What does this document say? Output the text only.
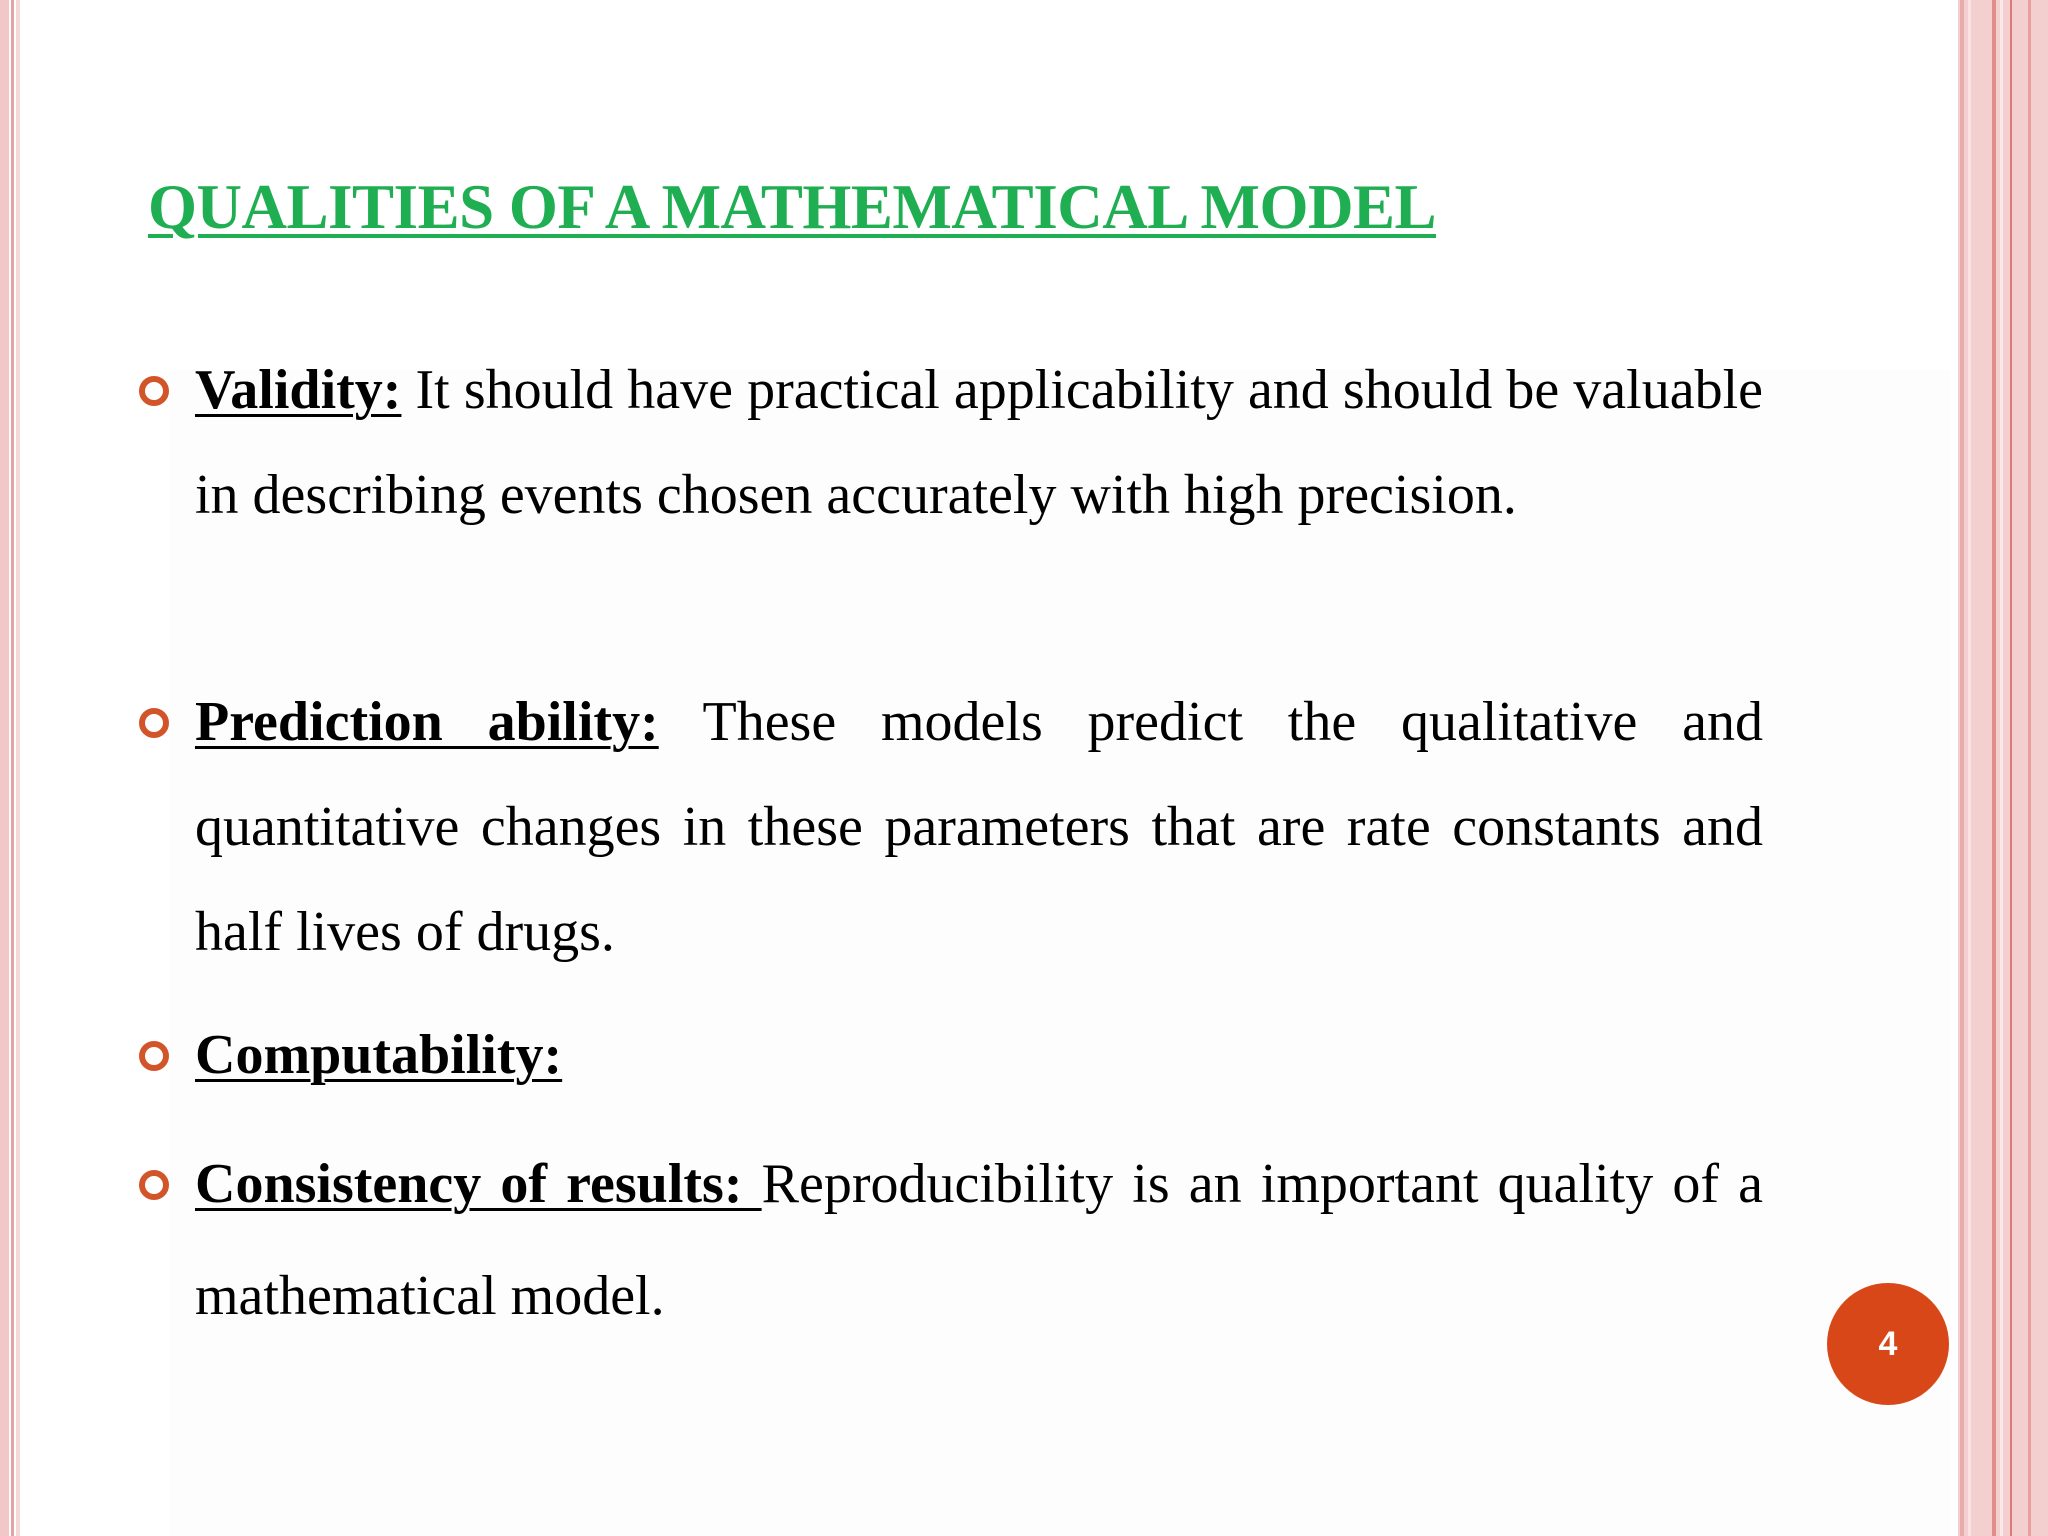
QUALITIES OF A MATHEMATICAL MODEL
Validity: It should have practical applicability and should be valuable in describing events chosen accurately with high precision.
Prediction ability: These models predict the qualitative and quantitative changes in these parameters that are rate constants and half lives of drugs.
Computability:
Consistency of results: Reproducibility is an important quality of a mathematical model.
4
